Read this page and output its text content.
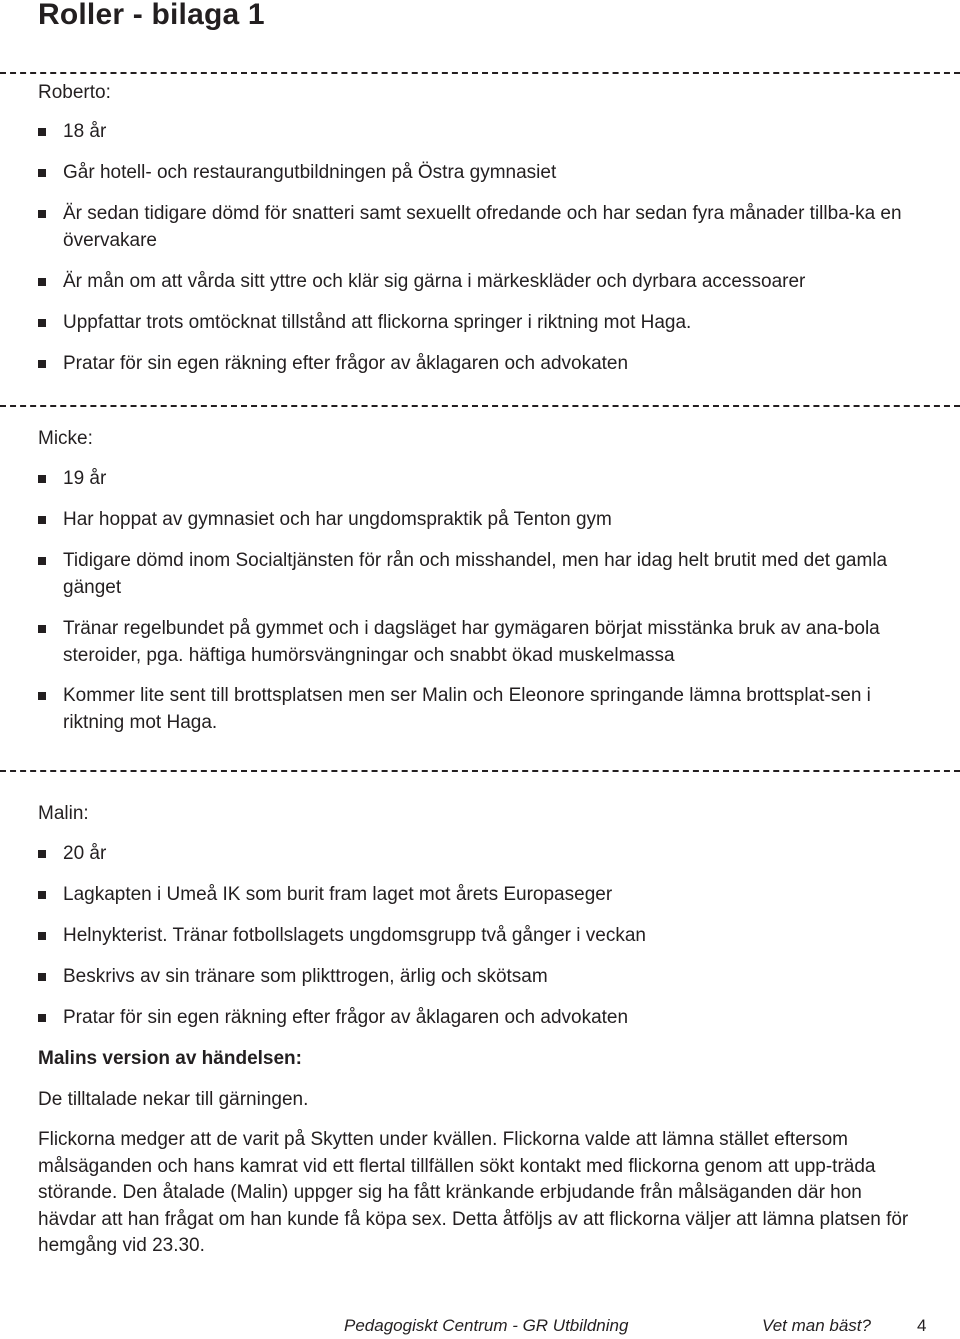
Roller - bilaga 1
Roberto:
18 år
Går hotell- och restaurangutbildningen på Östra gymnasiet
Är sedan tidigare dömd för snatteri samt sexuellt ofredande och har sedan fyra månader tillba-ka en övervakare
Är mån om att vårda sitt yttre och klär sig gärna i märkeskläder och dyrbara accessoarer
Uppfattar trots omtöcknat tillstånd att flickorna springer i riktning mot Haga.
Pratar för sin egen räkning efter frågor av åklagaren och advokaten
Micke:
19 år
Har hoppat av gymnasiet och har ungdomspraktik på Tenton gym
Tidigare dömd inom Socialtjänsten för rån och misshandel, men har idag helt brutit med det gamla gänget
Tränar regelbundet på gymmet och i dagsläget har gymägaren börjat misstänka bruk av ana-bola steroider, pga. häftiga humörsvängningar och snabbt ökad muskelmassa
Kommer lite sent till brottsplatsen men ser Malin och Eleonore springande lämna brottsplat-sen i riktning mot Haga.
Malin:
20 år
Lagkapten i Umeå IK som burit fram laget mot årets Europaseger
Helnykterist. Tränar fotbollslagets ungdomsgrupp två gånger i veckan
Beskrivs av sin tränare som plikttrogen, ärlig och skötsam
Pratar för sin egen räkning efter frågor av åklagaren och advokaten
Malins version av händelsen:

De tilltalade nekar till gärningen.

Flickorna medger att de varit på Skytten under kvällen. Flickorna valde att lämna stället eftersom målsäganden och hans kamrat vid ett flertal tillfällen sökt kontakt med flickorna genom att upp-träda störande. Den åtalade (Malin) uppger sig ha fått kränkande erbjudande från målsäganden där hon hävdar att han frågat om han kunde få köpa sex. Detta åtföljs av att flickorna väljer att lämna platsen för hemgång vid 23.30.

Pedagogiskt Centrum - GR Utbildning	Vet man bäst?	4
